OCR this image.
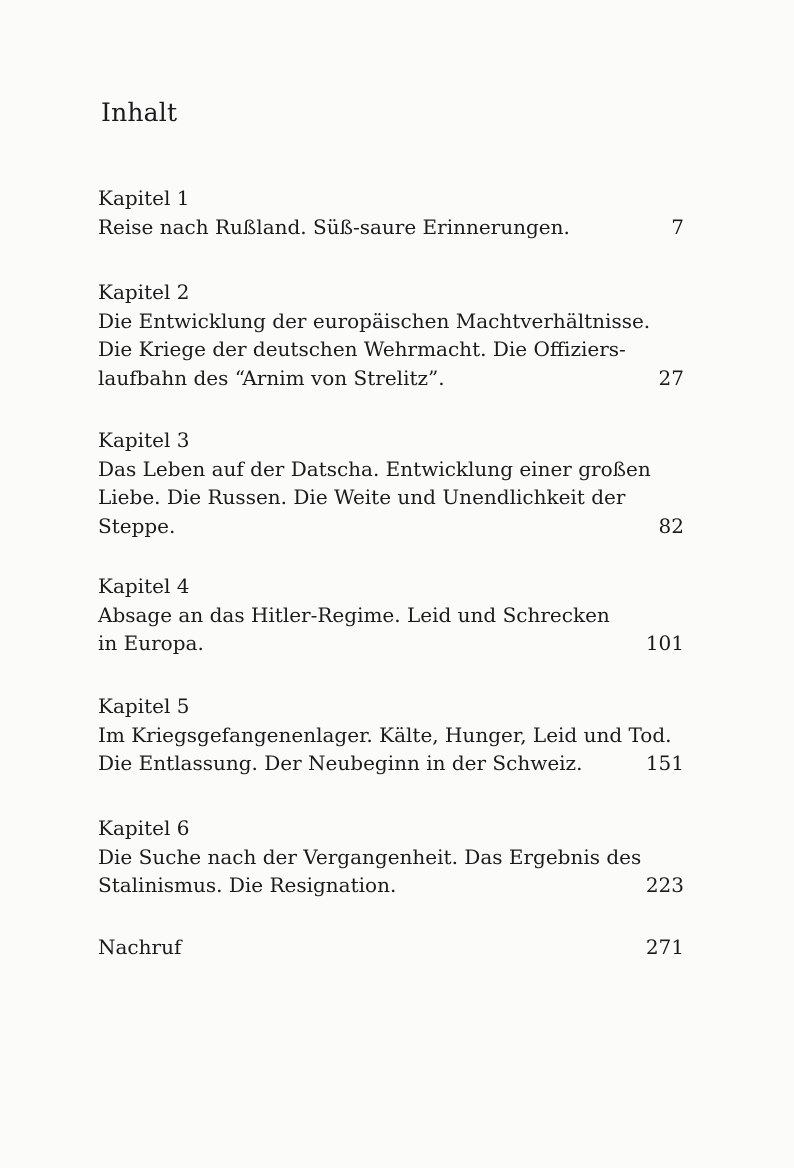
Inhalt

Kapitel 1

Reise nach Rußland. Süß-saure Erinnerungen.	7

Kapitel 2

Die Entwicklung der europäischen Machtverhältnisse.

Die Kriege der deutschen Wehrmacht. Die Offiziers-

laufbahn des “Arnim von Strelitz”.	27

Kapitel 3

Das Leben auf der Datscha. Entwicklung einer großen

Liebe. Die Russen. Die Weite und Unendlichkeit der

Steppe.	82

Kapitel 4

Absage an das Hitler-Regime. Leid und Schrecken

in Europa.	101

Kapitel 5

Im Kriegsgefangenenlager. Kälte, Hunger, Leid und Tod.

Die Entlassung. Der Neubeginn in der Schweiz.	151

Kapitel 6

Die Suche nach der Vergangenheit. Das Ergebnis des

Stalinismus. Die Resignation.	223
Nachruf	271
